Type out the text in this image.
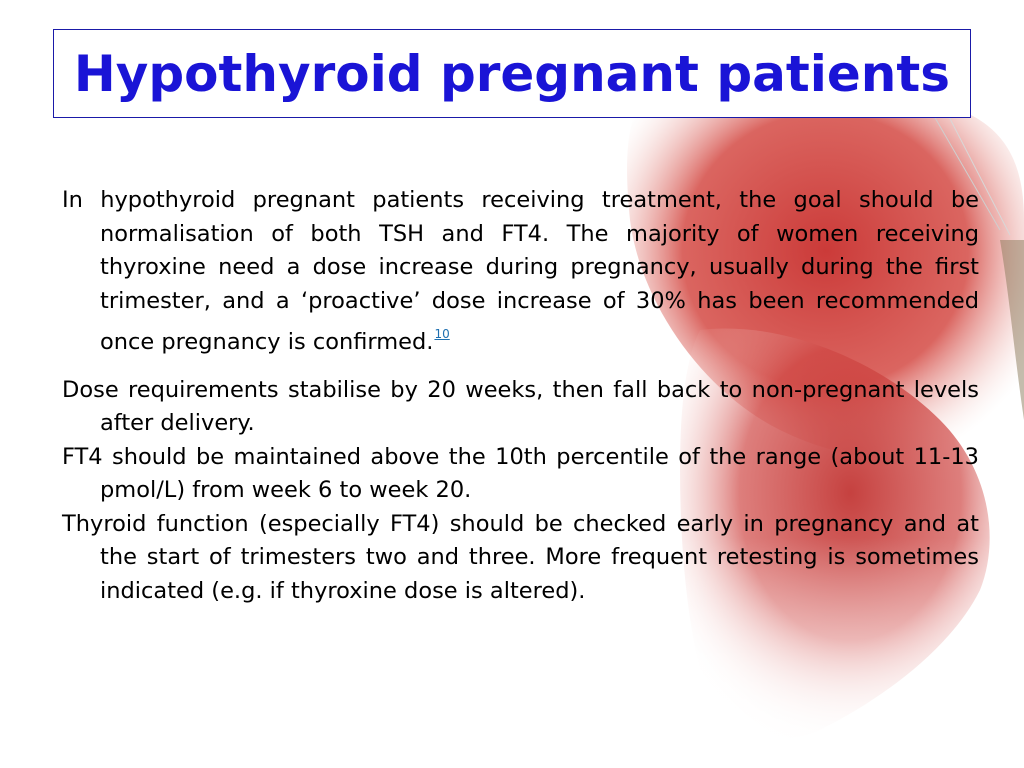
Hypothyroid pregnant patients

In hypothyroid pregnant patients receiving treatment, the goal should be normalisation of both TSH and FT4. The majority of women receiving thyroxine need a dose increase during pregnancy, usually during the first trimester, and a ‘proactive’ dose increase of 30% has been recommended once pregnancy is confirmed.$^{10}$

Dose requirements stabilise by 20 weeks, then fall back to non-pregnant levels after delivery.

FT4 should be maintained above the 10th percentile of the range (about 11-13 pmol/L) from week 6 to week 20.

Thyroid function (especially FT4) should be checked early in pregnancy and at the start of trimesters two and three. More frequent retesting is sometimes indicated (e.g. if thyroxine dose is altered).
